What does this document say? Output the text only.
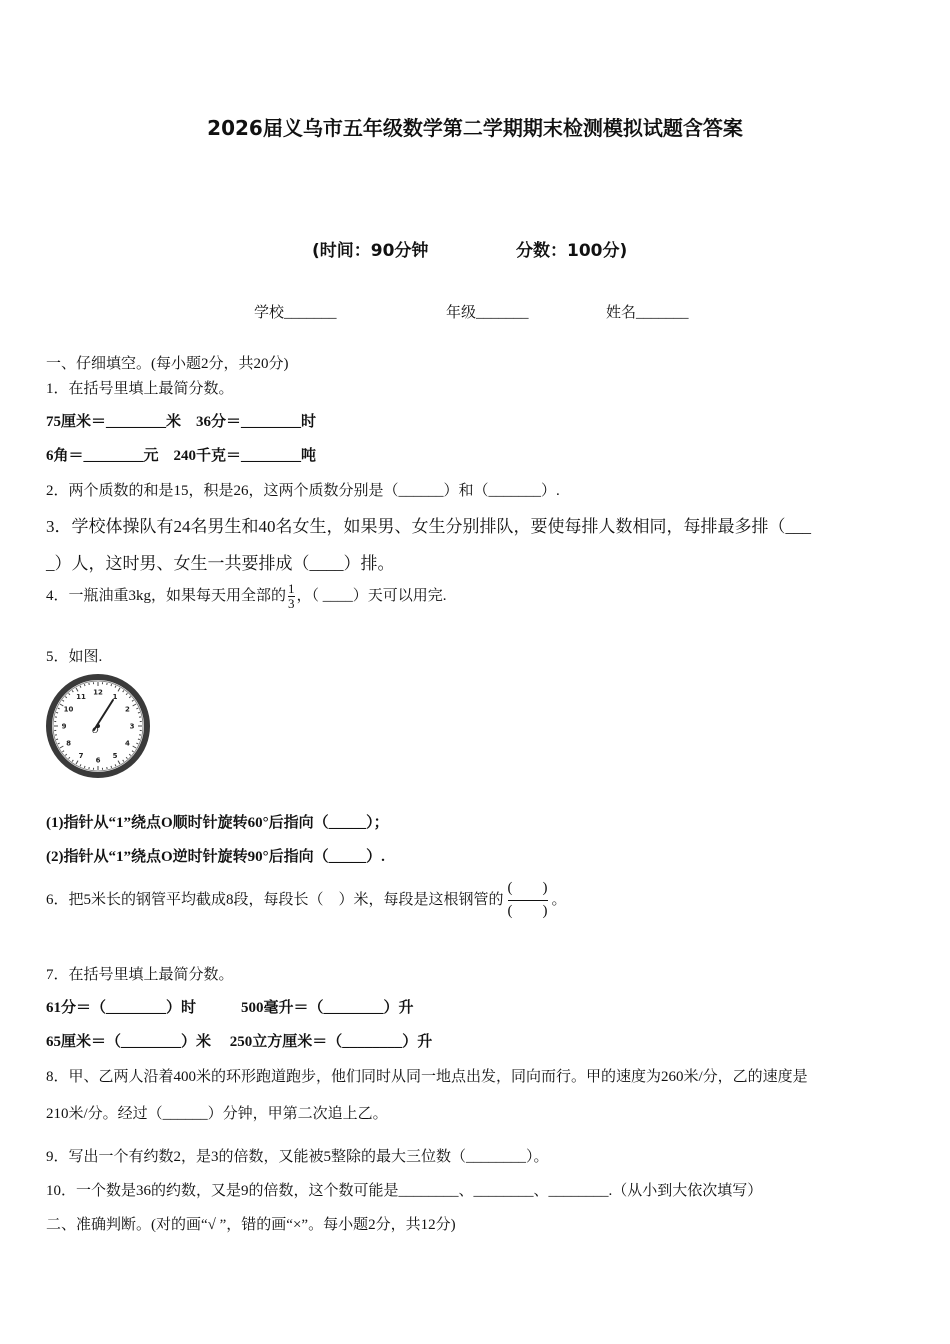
2026届义乌市五年级数学第二学期期末检测模拟试题含答案
(时间：90分钟	分数：100分)
学校_______	年级_______	姓名_______
一、仔细填空。(每小题2分，共20分)
1．在括号里填上最简分数。
75厘米＝________米　36分＝________时
6角＝________元　240千克＝________吨
2．两个质数的和是15，积是26，这两个质数分别是（______）和（_______）.
3．学校体操队有24名男生和40名女生，如果男、女生分别排队，要使每排人数相同，每排最多排（___
_）人，这时男、女生一共要排成（____）排。
4．一瓶油重3kg，如果每天用全部的 $\frac{1}{3}$ ，（ ____）天可以用完.
5．如图.
12
1
2
3
4
5
6
7
8
9
10
11
O
(1)指针从“1”绕点O顺时针旋转60°后指向（_____）；
(2)指针从“1”绕点O逆时针旋转90°后指向（_____）.
6．把5米长的钢管平均截成8段，每段长（　）米，每段是这根钢管的 $\frac{( )}{( )}$ 。
7．在括号里填上最简分数。
61分＝（________）时　　　500毫升＝（________）升
65厘米＝（________）米　 250立方厘米＝（________）升
8．甲、乙两人沿着400米的环形跑道跑步，他们同时从同一地点出发，同向而行。甲的速度为260米/分，乙的速度是
210米/分。经过（______）分钟，甲第二次追上乙。
9．写出一个有约数2，是3的倍数，又能被5整除的最大三位数（________）。
10．一个数是36的约数，又是9的倍数，这个数可能是________、________、________.（从小到大依次填写）
二、准确判断。(对的画“√ ”，错的画“×”。每小题2分，共12分)
